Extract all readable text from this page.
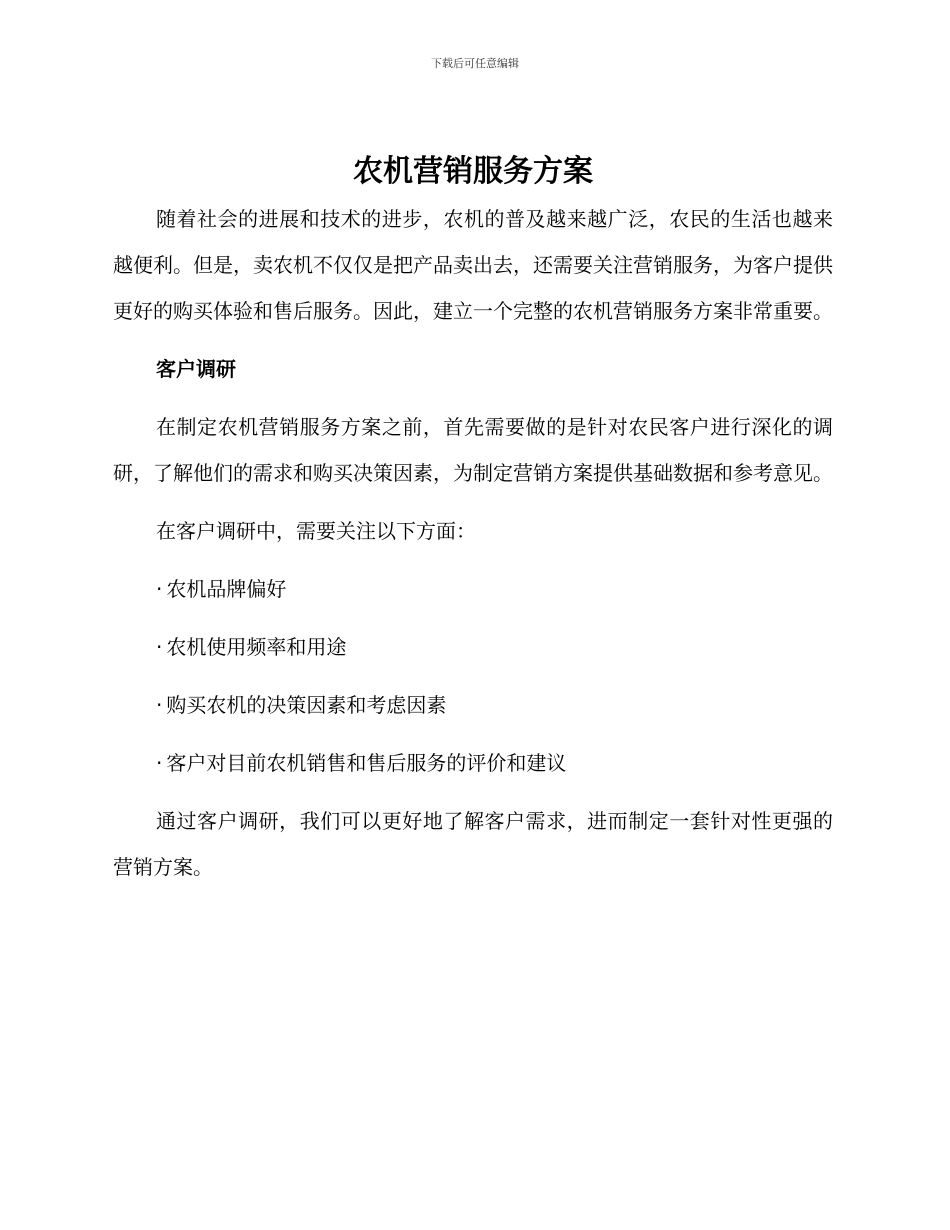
下载后可任意编辑
农机营销服务方案

随着社会的进展和技术的进步，农机的普及越来越广泛，农民的生活也越来越便利。但是，卖农机不仅仅是把产品卖出去，还需要关注营销服务，为客户提供更好的购买体验和售后服务。因此，建立一个完整的农机营销服务方案非常重要。

客户调研

在制定农机营销服务方案之前，首先需要做的是针对农民客户进行深化的调研，了解他们的需求和购买决策因素，为制定营销方案提供基础数据和参考意见。

在客户调研中，需要关注以下方面：

· 农机品牌偏好
· 农机使用频率和用途
· 购买农机的决策因素和考虑因素
· 客户对目前农机销售和售后服务的评价和建议

通过客户调研，我们可以更好地了解客户需求，进而制定一套针对性更强的营销方案。
